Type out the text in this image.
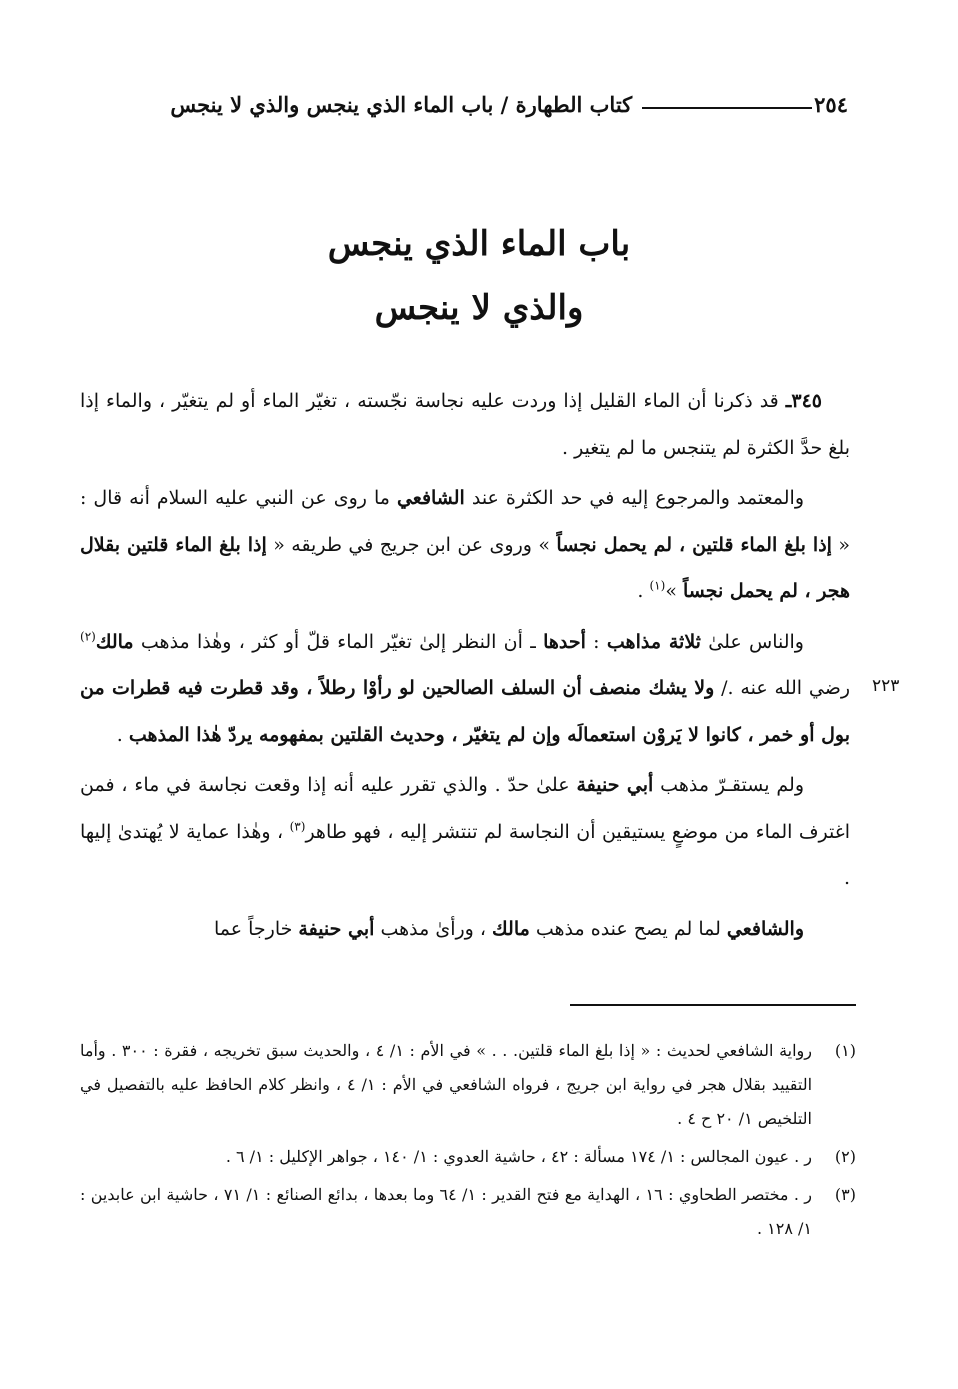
٢٥٤
كتاب الطهارة / باب الماء الذي ينجس والذي لا ينجس
باب الماء الذي ينجس
والذي لا ينجس

٣٤٥ـ قد ذكرنا أن الماء القليل إذا وردت عليه نجاسة نجّسته ، تغيّر الماء أو لم يتغيّر ، والماء إذا بلغ حدَّ الكثرة لم يتنجس ما لم يتغير .

والمعتمد والمرجوع إليه في حد الكثرة عند الشافعي ما روى عن النبي عليه السلام أنه قال : « إذا بلغ الماء قلتين ، لم يحمل نجساً » وروى عن ابن جريج في طريقه « إذا بلغ الماء قلتين بقلال هجر ، لم يحمل نجساً »$^{(١)}$ .

والناس علىٰ ثلاثة مذاهب : أحدها ـ أن النظر إلىٰ تغيّر الماء قلّ أو كثر ، وهٰذا مذهب مالك$^{(٢)}$ رضي الله عنه ./ ولا يشك منصف أن السلف الصالحين لو رأوْا رطلاً ، وقد قطرت فيه قطرات من بول أو خمر ، كانوا لا يَروْن استعمالَه وإن لم يتغيّر ، وحديث القلتين بمفهومه يردّ هٰذا المذهب .

ولم يستقـرّ مذهب أبي حنيفة علىٰ حدّ . والذي تقرر عليه أنه إذا وقعت نجاسة في ماء ، فمن اغترف الماء من موضعٍ يستيقين أن النجاسة لم تنتشر إليه ، فهو طاهر$^{(٣)}$ ، وهٰذا عماية لا يُهتدىٰ إليها .

والشافعي لما لم يصح عنده مذهب مالك ، ورأىٰ مذهب أبي حنيفة خارجاً عما

٢٢٣
(١)
رواية الشافعي لحديث : « إذا بلغ الماء قلتين. . . » في الأم : ١/ ٤ ، والحديث سبق تخريجه ، فقرة : ٣٠٠ . وأما التقييد بقلال هجر في رواية ابن جريج ، فرواه الشافعي في الأم : ١/ ٤ ، وانظر كلام الحافظ عليه بالتفصيل في التلخيص ١/ ٢٠ ح ٤ .
(٢)
ر . عيون المجالس : ١/ ١٧٤ مسألة : ٤٢ ، حاشية العدوي : ١/ ١٤٠ ، جواهر الإكليل : ١/ ٦ .
(٣)
ر . مختصر الطحاوي : ١٦ ، الهداية مع فتح القدير : ١/ ٦٤ وما بعدها ، بدائع الصنائع : ١/ ٧١ ، حاشية ابن عابدين : ١/ ١٢٨ .
